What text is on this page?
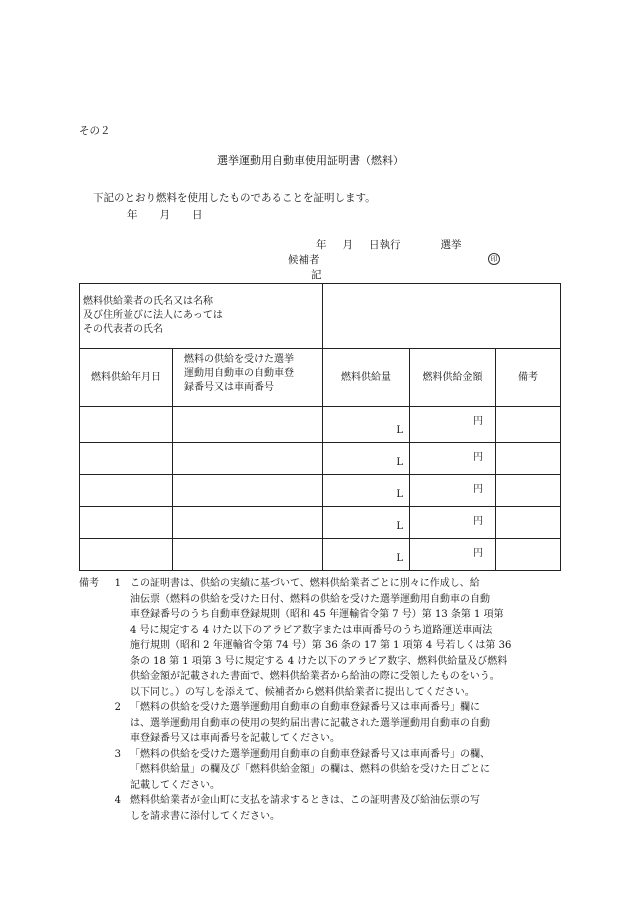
その２
選挙運動用自動車使用証明書（燃料）
下記のとおり燃料を使用したものであることを証明します。
年 月 日
年 月 日執行	選挙
候補者	印
記
燃料供給業者の氏名又は名称
及び住所並びに法人にあっては
その代表者の氏名				

燃料供給年月日	燃料の供給を受けた選挙
運動用自動車の自動車登
録番号又は車両番号	燃料供給量	燃料供給金額	備考
		L	円	
		L	円	
		L	円	
		L	円	
		L	円	
備考	1 この証明書は、供給の実績に基づいて、燃料供給業者ごとに別々に作成し、給
油伝票（燃料の供給を受けた日付、燃料の供給を受けた選挙運動用自動車の自動
車登録番号のうち自動車登録規則（昭和 45 年運輸省令第 7 号）第 13 条第 1 項第
4 号に規定する 4 けた以下のアラビア数字または車両番号のうち道路運送車両法
施行規則（昭和 2 年運輸省令第 74 号）第 36 条の 17 第 1 項第 4 号若しくは第 36
条の 18 第 1 項第 3 号に規定する 4 けた以下のアラビア数字、燃料供給量及び燃料
供給金額が記載された書面で、燃料供給業者から給油の際に受領したものをいう。
以下同じ。）の写しを添えて、候補者から燃料供給業者に提出してください。
2 「燃料の供給を受けた選挙運動用自動車の自動車登録番号又は車両番号」欄に
は、選挙運動用自動車の使用の契約届出書に記載された選挙運動用自動車の自動
車登録番号又は車両番号を記載してください。
3 「燃料の供給を受けた選挙運動用自動車の自動車登録番号又は車両番号」の欄、
「燃料供給量」の欄及び「燃料供給金額」の欄は、燃料の供給を受けた日ごとに
記載してください。
4 燃料供給業者が金山町に支払を請求するときは、この証明書及び給油伝票の写
しを請求書に添付してください。
